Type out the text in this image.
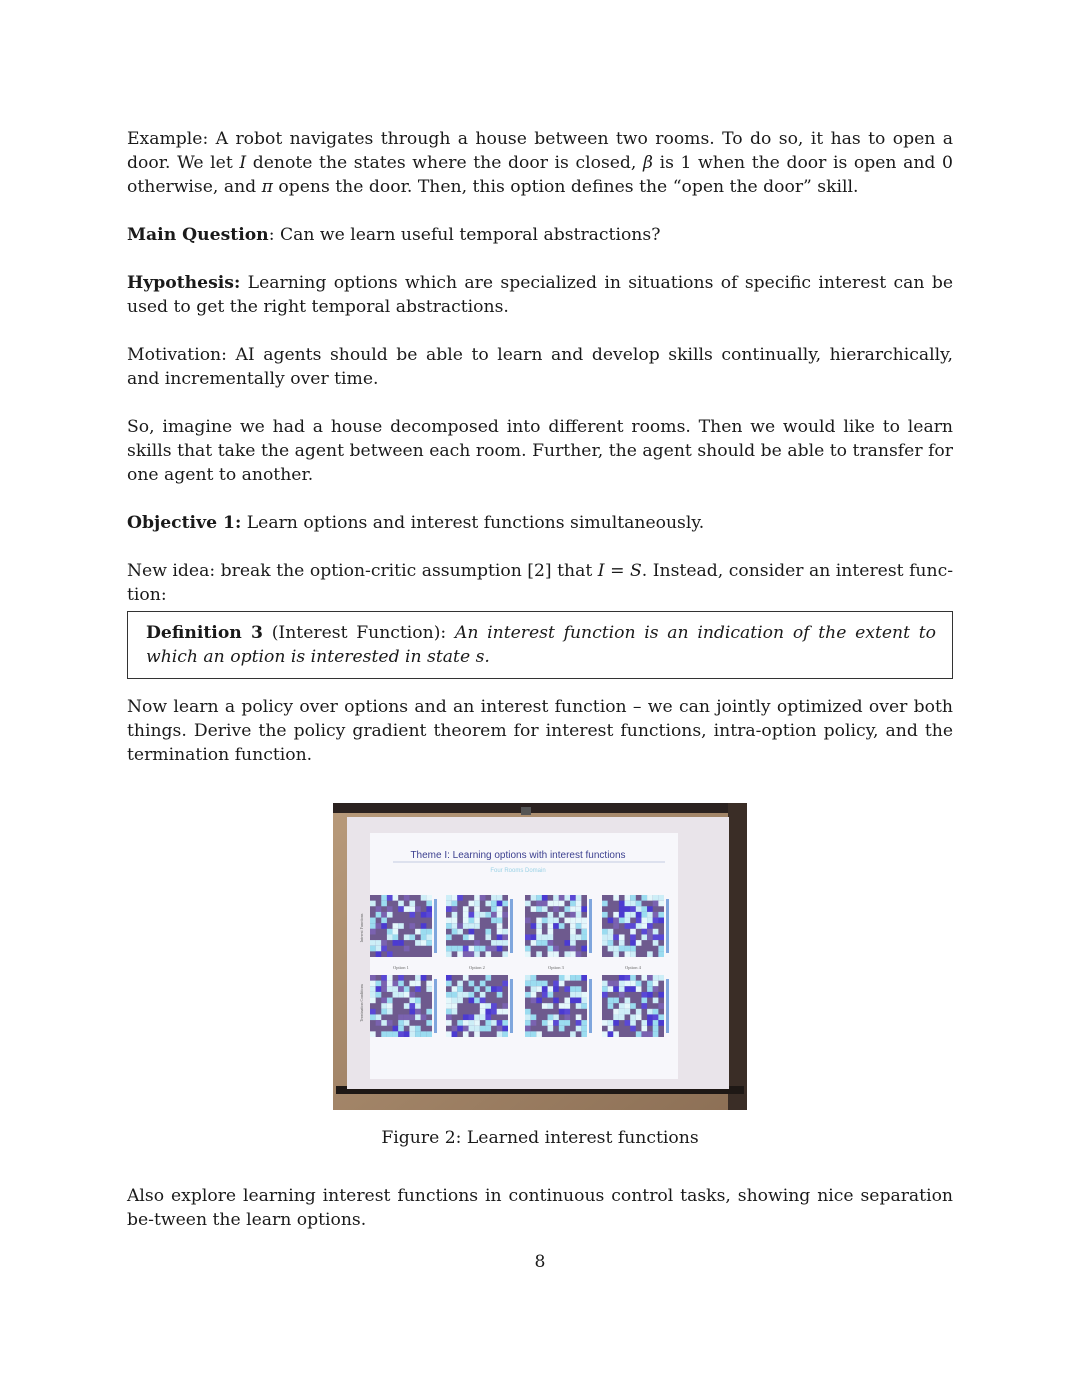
Example: A robot navigates through a house between two rooms. To do so, it has to open a door. We let I denote the states where the door is closed, β is 1 when the door is open and 0 otherwise, and π opens the door. Then, this option defines the “open the door” skill.

Main Question: Can we learn useful temporal abstractions?

Hypothesis: Learning options which are specialized in situations of specific interest can be used to get the right temporal abstractions.

Motivation: AI agents should be able to learn and develop skills continually, hierarchically, and incrementally over time.

So, imagine we had a house decomposed into different rooms. Then we would like to learn skills that take the agent between each room. Further, the agent should be able to transfer for one agent to another.

Objective 1: Learn options and interest functions simultaneously.

New idea: break the option-critic assumption [2] that I = S. Instead, consider an interest func-tion:

Definition 3 (Interest Function): An interest function is an indication of the extent to which an option is interested in state s.

Now learn a policy over options and an interest function – we can jointly optimized over both things. Derive the policy gradient theorem for interest functions, intra-option policy, and the termination function.

Theme I: Learning options with interest functions
Four Rooms Domain
Interest Functions
Termination Conditions
Option 1	Option 2	Option 3	Option 4
Figure 2: Learned interest functions

Also explore learning interest functions in continuous control tasks, showing nice separation be-tween the learn options.

8
